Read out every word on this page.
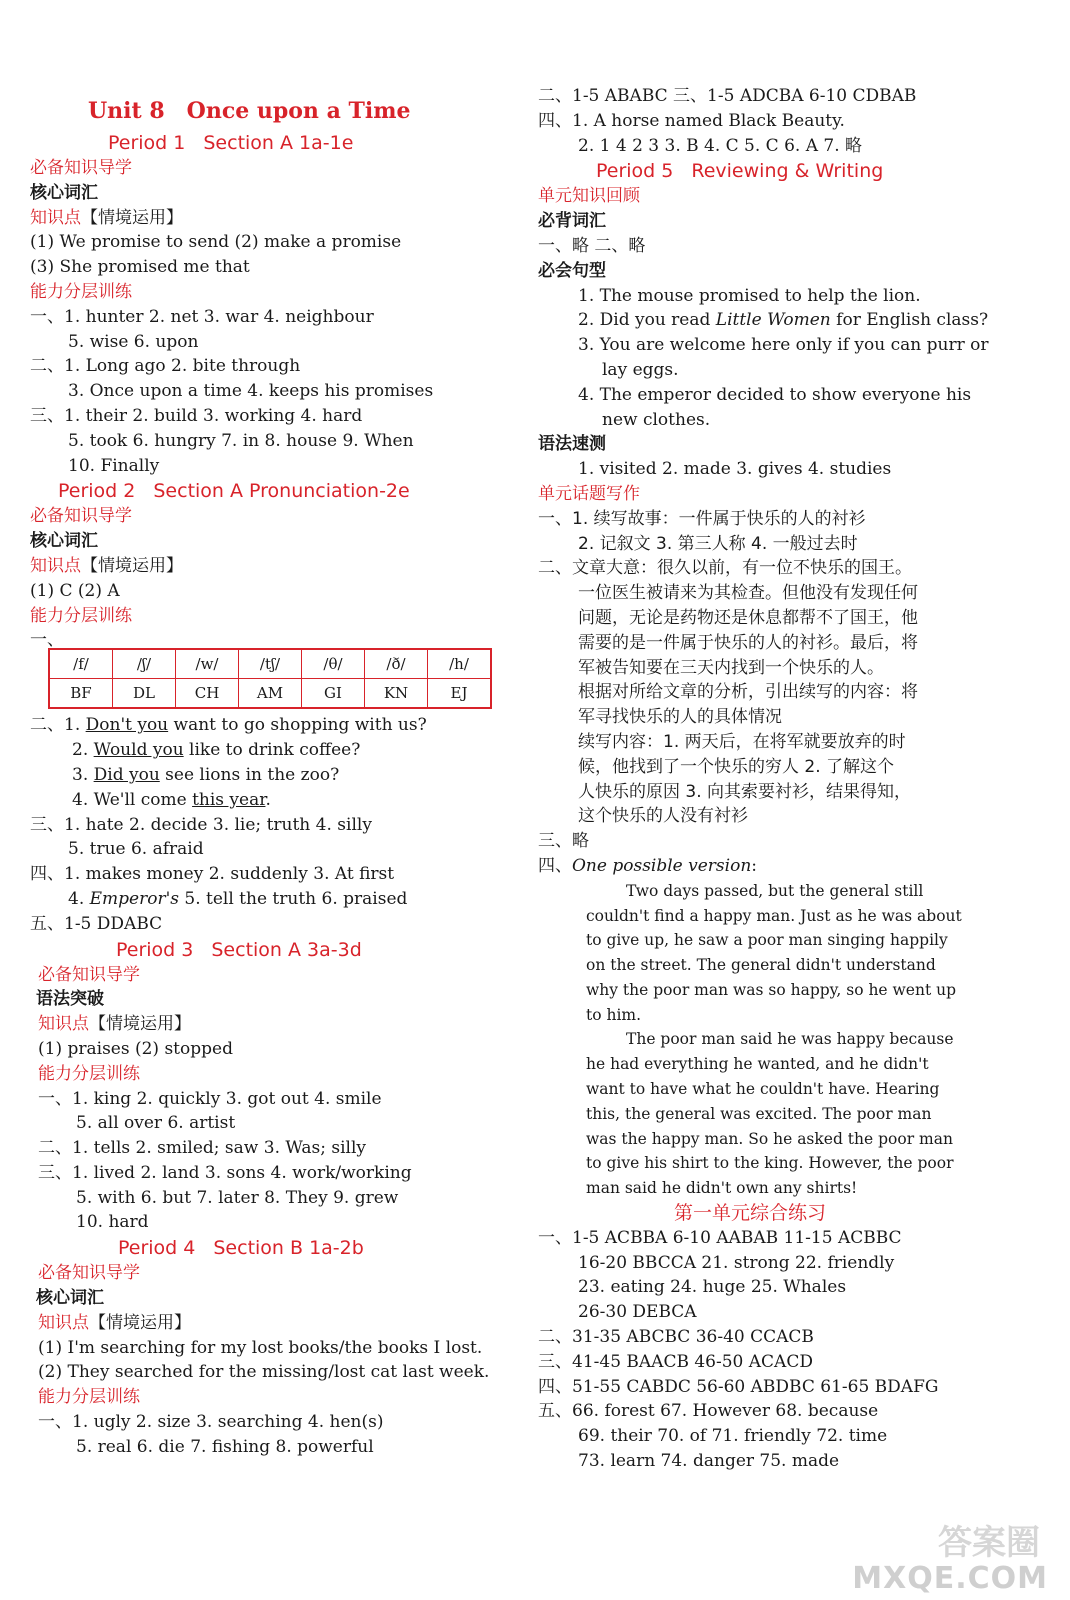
Unit 8 Once upon a Time
Period 1 Section A 1a-1e
必备知识导学
核心词汇
知识点【情境运用】
(1) We promise to send (2) make a promise
(3) She promised me that
能力分层训练
一、1. hunter 2. net 3. war 4. neighbour
5. wise 6. upon
二、1. Long ago 2. bite through
3. Once upon a time 4. keeps his promises
三、1. their 2. build 3. working 4. hard
5. took 6. hungry 7. in 8. house 9. When
10. Finally
Period 2 Section A Pronunciation-2e
必备知识导学
核心词汇
知识点【情境运用】
(1) C (2) A
能力分层训练
一、
/f/	/ʃ/	/w/	/tʃ/	/θ/	/ð/	/h/
BF	DL	CH	AM	GI	KN	EJ
二、1. Don't you want to go shopping with us?
2. Would you like to drink coffee?
3. Did you see lions in the zoo?
4. We'll come this year.
三、1. hate 2. decide 3. lie; truth 4. silly
5. true 6. afraid
四、1. makes money 2. suddenly 3. At first
4. Emperor's 5. tell the truth 6. praised
五、1-5 DDABC
Period 3 Section A 3a-3d
必备知识导学
语法突破
知识点【情境运用】
(1) praises (2) stopped
能力分层训练
一、1. king 2. quickly 3. got out 4. smile
5. all over 6. artist
二、1. tells 2. smiled; saw 3. Was; silly
三、1. lived 2. land 3. sons 4. work/working
5. with 6. but 7. later 8. They 9. grew
10. hard
Period 4 Section B 1a-2b
必备知识导学
核心词汇
知识点【情境运用】
(1) I'm searching for my lost books/the books I lost.
(2) They searched for the missing/lost cat last week.
能力分层训练
一、1. ugly 2. size 3. searching 4. hen(s)
5. real 6. die 7. fishing 8. powerful
二、1-5 ABABC 三、1-5 ADCBA 6-10 CDBAB
四、1. A horse named Black Beauty.
2. 1 4 2 3 3. B 4. C 5. C 6. A 7. 略
Period 5 Reviewing & Writing
单元知识回顾
必背词汇
一、略 二、略
必会句型
1. The mouse promised to help the lion.
2. Did you read Little Women for English class?
3. You are welcome here only if you can purr or
lay eggs.
4. The emperor decided to show everyone his
new clothes.
语法速测
1. visited 2. made 3. gives 4. studies
单元话题写作
一、1. 续写故事：一件属于快乐的人的衬衫
2. 记叙文 3. 第三人称 4. 一般过去时
二、文章大意：很久以前，有一位不快乐的国王。
一位医生被请来为其检查。但他没有发现任何
问题，无论是药物还是休息都帮不了国王，他
需要的是一件属于快乐的人的衬衫。最后，将
军被告知要在三天内找到一个快乐的人。
根据对所给文章的分析，引出续写的内容：将
军寻找快乐的人的具体情况
续写内容：1. 两天后，在将军就要放弃的时
候，他找到了一个快乐的穷人 2. 了解这个
人快乐的原因 3. 向其索要衬衫，结果得知，
这个快乐的人没有衬衫
三、略
四、One possible version:
Two days passed, but the general still
couldn't find a happy man. Just as he was about
to give up, he saw a poor man singing happily
on the street. The general didn't understand
why the poor man was so happy, so he went up
to him.
The poor man said he was happy because
he had everything he wanted, and he didn't
want to have what he couldn't have. Hearing
this, the general was excited. The poor man
was the happy man. So he asked the poor man
to give his shirt to the king. However, the poor
man said he didn't own any shirts!
第一单元综合练习
一、1-5 ACBBA 6-10 AABAB 11-15 ACBBC
16-20 BBCCA 21. strong 22. friendly
23. eating 24. huge 25. Whales
26-30 DEBCA
二、31-35 ABCBC 36-40 CCACB
三、41-45 BAACB 46-50 ACACD
四、51-55 CABDC 56-60 ABDBC 61-65 BDAFG
五、66. forest 67. However 68. because
69. their 70. of 71. friendly 72. time
73. learn 74. danger 75. made
答案圈
MXQE.COM
